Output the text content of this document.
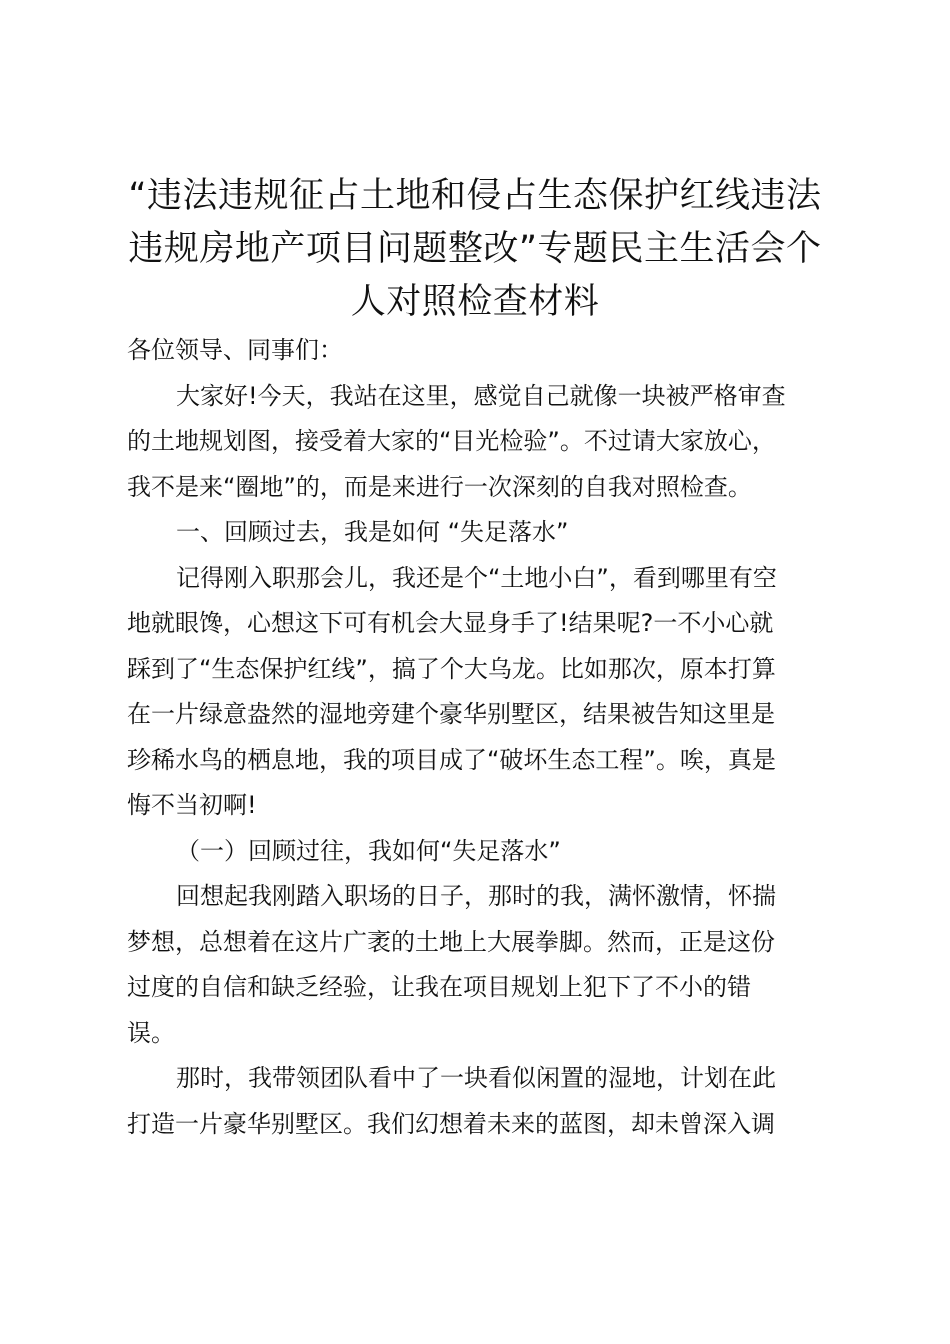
“违法违规征占土地和侵占生态保护红线违法
违规房地产项目问题整改”专题民主生活会个
人对照检查材料
各位领导、同事们：
大家好!今天，我站在这里，感觉自己就像一块被严格审查
的土地规划图，接受着大家的“目光检验”。不过请大家放心，
我不是来“圈地”的，而是来进行一次深刻的自我对照检查。
一、回顾过去，我是如何 “失足落水”
记得刚入职那会儿，我还是个“土地小白”，看到哪里有空
地就眼馋，心想这下可有机会大显身手了!结果呢?一不小心就
踩到了“生态保护红线”，搞了个大乌龙。比如那次，原本打算
在一片绿意盎然的湿地旁建个豪华别墅区，结果被告知这里是
珍稀水鸟的栖息地，我的项目成了“破坏生态工程”。唉，真是
悔不当初啊!
（一）回顾过往，我如何“失足落水”
回想起我刚踏入职场的日子，那时的我，满怀激情，怀揣
梦想，总想着在这片广袤的土地上大展拳脚。然而，正是这份
过度的自信和缺乏经验，让我在项目规划上犯下了不小的错
误。
那时，我带领团队看中了一块看似闲置的湿地，计划在此
打造一片豪华别墅区。我们幻想着未来的蓝图，却未曾深入调
